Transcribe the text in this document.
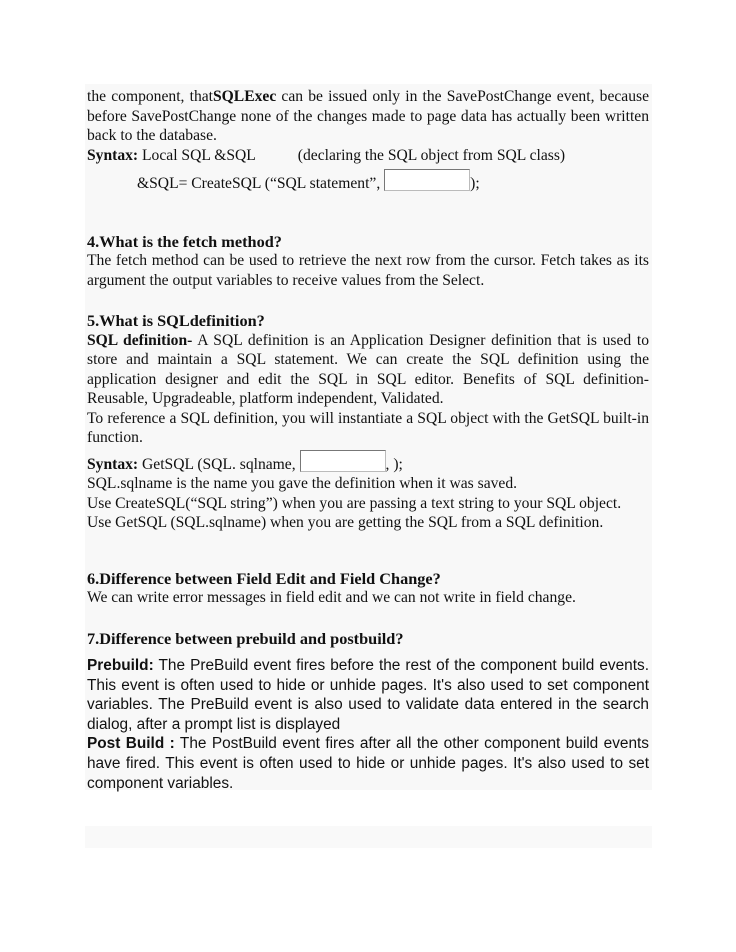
the component, thatSQLExec can be issued only in the SavePostChange event, because before SavePostChange none of the changes made to page data has actually been written back to the database.

Syntax: Local SQL &SQL	(declaring the SQL object from SQL class)

&SQL= CreateSQL (“SQL statement”,	);

4.What is the fetch method?

The fetch method can be used to retrieve the next row from the cursor. Fetch takes as its argument the output variables to receive values from the Select.

5.What is SQLdefinition?

SQL definition- A SQL definition is an Application Designer definition that is used to store and maintain a SQL statement. We can create the SQL definition using the application designer and edit the SQL in SQL editor. Benefits of SQL definition- Reusable, Upgradeable, platform independent, Validated.

To reference a SQL definition, you will instantiate a SQL object with the GetSQL built-in function.

Syntax: GetSQL (SQL. sqlname,	, );

SQL.sqlname is the name you gave the definition when it was saved.

Use CreateSQL(“SQL string”) when you are passing a text string to your SQL object.

Use GetSQL (SQL.sqlname) when you are getting the SQL from a SQL definition.

6.Difference between Field Edit and Field Change?

We can write error messages in field edit and we can not write in field change.

7.Difference between prebuild and postbuild?

Prebuild: The PreBuild event fires before the rest of the component build events. This event is often used to hide or unhide pages. It's also used to set component variables. The PreBuild event is also used to validate data entered in the search dialog, after a prompt list is displayed

Post Build : The PostBuild event fires after all the other component build events have fired. This event is often used to hide or unhide pages. It's also used to set component variables.
